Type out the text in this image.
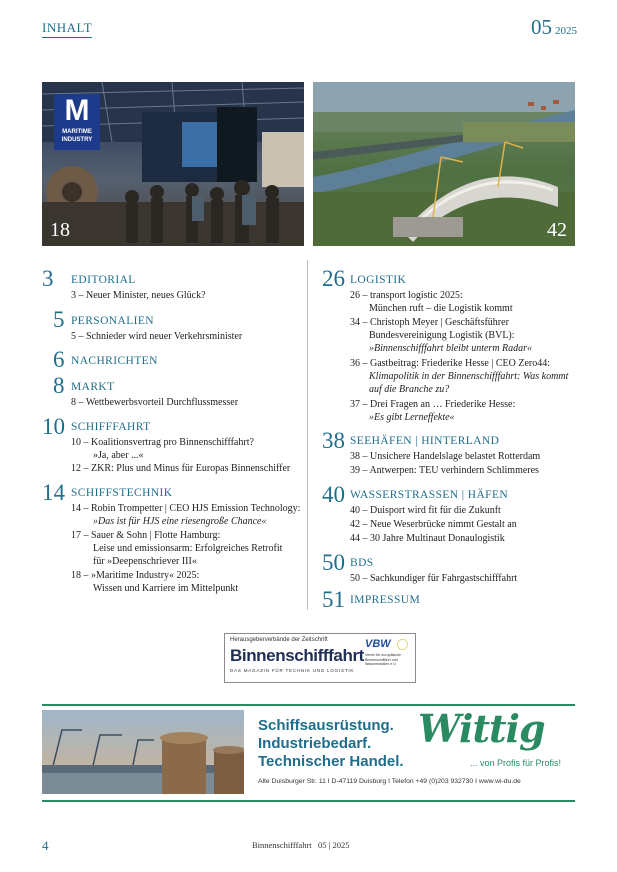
INHALT	05 2025
M
MARITIME
INDUSTRY
18	42
3 EDITORIAL
3 – Neuer Minister, neues Glück?
5 PERSONALIEN
5 – Schnieder wird neuer Verkehrsminister
6 NACHRICHTEN
8 MARKT
8 – Wettbewerbsvorteil Durchflussmesser
10 SCHIFFFAHRT
10 – Koalitionsvertrag pro Binnenschifffahrt?
»Ja, aber ...«
12 – ZKR: Plus und Minus für Europas Binnenschiffer
14 SCHIFFSTECHNIK
14 – Robin Trompetter | CEO HJS Emission Technology:
»Das ist für HJS eine riesengroße Chance«
17 – Sauer & Sohn | Flotte Hamburg:
Leise und emissionsarm: Erfolgreiches Retrofit
für »Deepenschriever III«
18 – »Maritime Industry« 2025:
Wissen und Karriere im Mittelpunkt
26 LOGISTIK
26 – transport logistic 2025:
München ruft – die Logistik kommt
34 – Christoph Meyer | Geschäftsführer
Bundesvereinigung Logistik (BVL):
»Binnenschifffahrt bleibt unterm Radar«
36 – Gastbeitrag: Friederike Hesse | CEO Zero44:
Klimapolitik in der Binnenschifffahrt: Was kommt
auf die Branche zu?
37 – Drei Fragen an … Friederike Hesse:
»Es gibt Lerneffekte«
38 SEEHÄFEN | HINTERLAND
38 – Unsichere Handelslage belastet Rotterdam
39 – Antwerpen: TEU verhindern Schlimmeres
40 WASSERSTRASSEN | HÄFEN
40 – Duisport wird fit für die Zukunft
42 – Neue Weserbrücke nimmt Gestalt an
44 – 30 Jahre Multinaut Donaulogistik
50 BDS
50 – Sachkundiger für Fahrgastschifffahrt
51 IMPRESSUM
Herausgeberverbände der Zeitschrift
Binnenschifffahrt
DAS MAGAZIN FÜR TECHNIK UND LOGISTIK
VBW
Verein für europäische Binnenschiffahrt und Wasserstraßen e.V.
Schiffsausrüstung.
Industriebedarf.
Technischer Handel.
Wittig
... von Profis für Profis!
Alte Duisburger Str. 11 I D-47119 Duisburg I Telefon +49 (0)203 932730 I www.wi-du.de
4	Binnenschifffahrt   05 | 2025
